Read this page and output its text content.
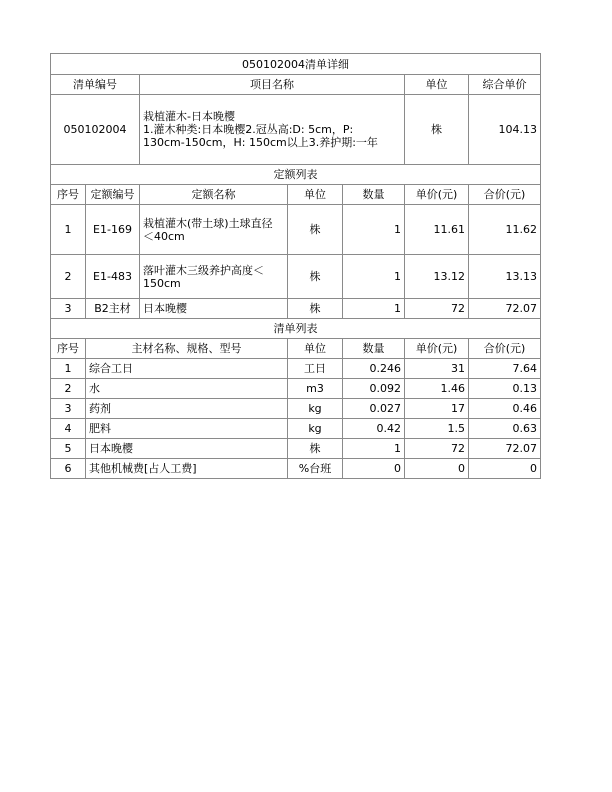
050102004清单详细						
清单编号		项目名称			单位	综合单价
050102004		栽植灌木-日本晚樱
1.灌木种类:日本晚樱2.冠丛高:D: 5cm，P:
130cm-150cm，H: 150cm以上3.养护期:一年			株	104.13
定额列表						
序号	定额编号	定额名称	单位	数量	单价(元)	合价(元)
1	E1-169	栽植灌木(带土球)土球直径
＜40cm	株	1	11.61	11.62
2	E1-483	落叶灌木三级养护高度＜
150cm	株	1	13.12	13.13
3	B2主材	日本晚樱	株	1	72	72.07
清单列表						
序号	主材名称、规格、型号		单位	数量	单价(元)	合价(元)
1	综合工日		工日	0.246	31	7.64
2	水		m3	0.092	1.46	0.13
3	药剂		kg	0.027	17	0.46
4	肥料		kg	0.42	1.5	0.63
5	日本晚樱		株	1	72	72.07
6	其他机械费[占人工费]		%台班	0	0	0
